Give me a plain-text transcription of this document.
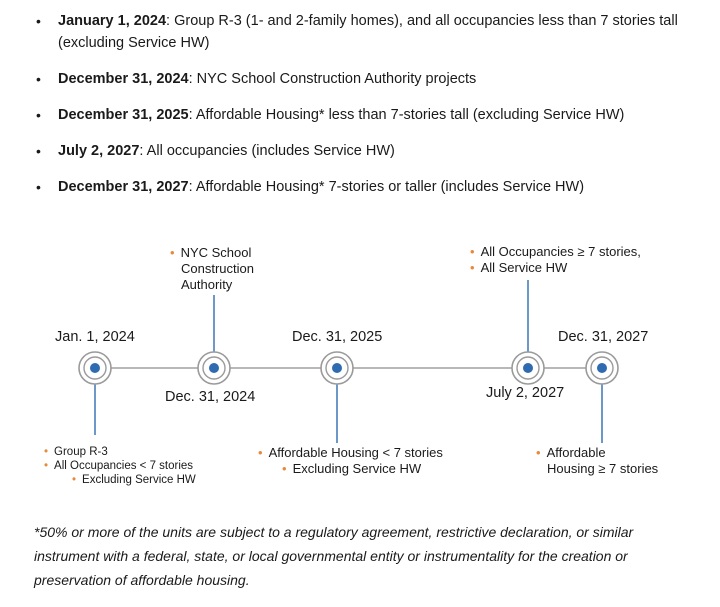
• January 1, 2024: Group R-3 (1- and 2-family homes), and all occupancies less than 7 stories tall (excluding Service HW)
• December 31, 2024: NYC School Construction Authority projects
• December 31, 2025: Affordable Housing* less than 7-stories tall (excluding Service HW)
• July 2, 2027: All occupancies (includes Service HW)
• December 31, 2027: Affordable Housing* 7-stories or taller (includes Service HW)
Jan. 1, 2024
Dec. 31, 2024
Dec. 31, 2025
July 2, 2027
Dec. 31, 2027
• NYC School
Construction
Authority
• All Occupancies ≥ 7 stories,
• All Service HW
• Group R-3
• All Occupancies < 7 stories
• Excluding Service HW
• Affordable Housing < 7 stories
• Excluding Service HW
• Affordable
Housing ≥ 7 stories
*50% or more of the units are subject to a regulatory agreement, restrictive declaration, or similar instrument with a federal, state, or local governmental entity or instrumentality for the creation or preservation of affordable housing.
